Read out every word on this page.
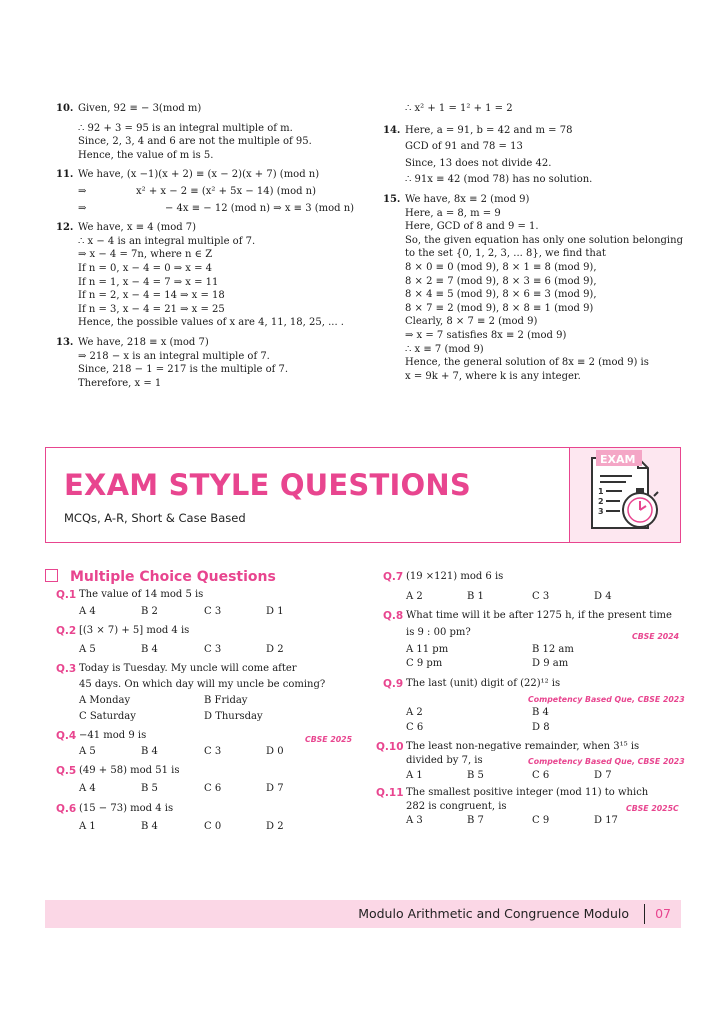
10. Given, 92 ≡ − 3(mod m)
∴ 92 + 3 = 95 is an integral multiple of m.
Since, 2, 3, 4 and 6 are not the multiple of 95.
Hence, the value of m is 5.
11. We have, (x −1)(x + 2) ≡ (x − 2)(x + 7) (mod n)
⇒	x² + x − 2 ≡ (x² + 5x − 14) (mod n)
⇒	− 4x ≡ − 12 (mod n) ⇒ x ≡ 3 (mod n)
12. We have, x ≡ 4 (mod 7)
∴ x − 4 is an integral multiple of 7.
⇒ x − 4 = 7n, where n ∈ Z
If n = 0, x − 4 = 0 ⇒ x = 4
If n = 1, x − 4 = 7 ⇒ x = 11
If n = 2, x − 4 = 14 ⇒ x = 18
If n = 3, x − 4 = 21 ⇒ x = 25
Hence, the possible values of x are 4, 11, 18, 25, ... .
13. We have, 218 ≡ x (mod 7)
⇒ 218 − x is an integral multiple of 7.
Since, 218 − 1 = 217 is the multiple of 7.
Therefore, x = 1
∴ x² + 1 = 1² + 1 = 2
14. Here, a = 91, b = 42 and m = 78
GCD of 91 and 78 = 13
Since, 13 does not divide 42.
∴ 91x ≡ 42 (mod 78) has no solution.
15. We have, 8x ≡ 2 (mod 9)
Here, a = 8, m = 9
Here, GCD of 8 and 9 = 1.
So, the given equation has only one solution belonging
to the set {0, 1, 2, 3, ... 8}, we find that
8 × 0 ≡ 0 (mod 9), 8 × 1 ≡ 8 (mod 9),
8 × 2 ≡ 7 (mod 9), 8 × 3 ≡ 6 (mod 9),
8 × 4 ≡ 5 (mod 9), 8 × 6 ≡ 3 (mod 9),
8 × 7 ≡ 2 (mod 9), 8 × 8 ≡ 1 (mod 9)
Clearly, 8 × 7 ≡ 2 (mod 9)
⇒ x = 7 satisfies 8x ≡ 2 (mod 9)
∴ x ≡ 7 (mod 9)
Hence, the general solution of 8x ≡ 2 (mod 9) is
x = 9k + 7, where k is any integer.
EXAM STYLE QUESTIONS
MCQs, A-R, Short & Case Based
EXAM
1
2
3
Multiple Choice Questions
Q.1 The value of 14 mod 5 is
A 4	B 2	C 3	D 1
Q.2 [(3 × 7) + 5] mod 4 is
A 5	B 4	C 3	D 2
Q.3 Today is Tuesday. My uncle will come after
45 days. On which day will my uncle be coming?
A Monday	B Friday
C Saturday	D Thursday
Q.4 −41 mod 9 is	CBSE 2025
A 5	B 4	C 3	D 0
Q.5 (49 + 58) mod 51 is
A 4	B 5	C 6	D 7
Q.6 (15 − 73) mod 4 is
A 1	B 4	C 0	D 2
Q.7 (19 ×121) mod 6 is
A 2	B 1	C 3	D 4
Q.8 What time will it be after 1275 h, if the present time
is 9 : 00 pm?	CBSE 2024
A 11 pm	B 12 am
C 9 pm	D 9 am
Q.9 The last (unit) digit of (22)¹² is
Competency Based Que, CBSE 2023
A 2	B 4
C 6	D 8
Q.10 The least non-negative remainder, when 3¹⁵ is
divided by 7, is	Competency Based Que, CBSE 2023
A 1	B 5	C 6	D 7
Q.11 The smallest positive integer (mod 11) to which
282 is congruent, is	CBSE 2025C
A 3	B 7	C 9	D 17
Modulo Arithmetic and Congruence Modulo 07
